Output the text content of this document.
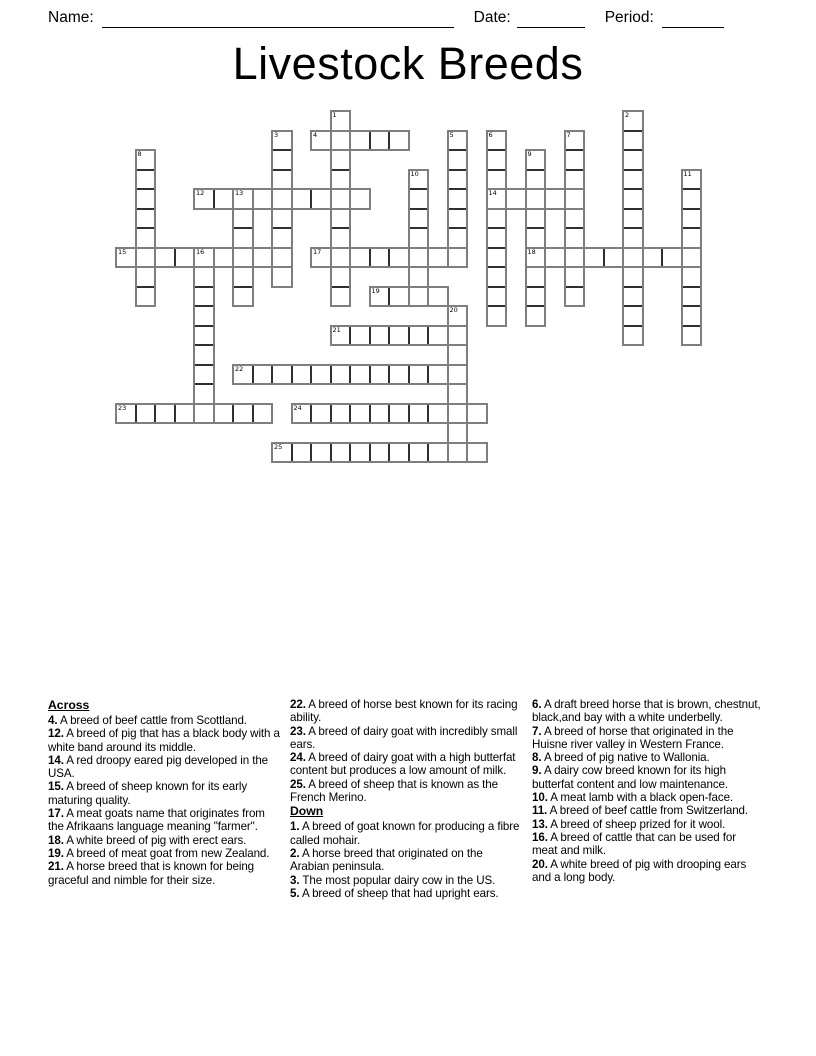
Name:	Date:	Period:
Livestock Breeds
1	2
3	4	5	6
14
7
8	9
18
10	11
12	13
15	16	17
19
20
21
22
23	24
25
Across
4. A breed of beef cattle from Scottland.
12. A breed of pig that has a black body with a white band around its middle.
14. A red droopy eared pig developed in the USA.
15. A breed of sheep known for its early maturing quality.
17. A meat goats name that originates from the Afrikaans language meaning "farmer".
18. A white breed of pig with erect ears.
19. A breed of meat goat from new Zealand.
21. A horse breed that is known for being graceful and nimble for their size.
22. A breed of horse best known for its racing ability.
23. A breed of dairy goat with incredibly small ears.
24. A breed of dairy goat with a high butterfat content but produces a low amount of milk.
25. A breed of sheep that is known as the French Merino.
Down
1. A breed of goat known for producing a fibre called mohair.
2. A horse breed that originated on the Arabian peninsula.
3. The most popular dairy cow in the US.
5. A breed of sheep that had upright ears.
6. A draft breed horse that is brown, chestnut, black,and bay with a white underbelly.
7. A breed of horse that originated in the Huisne river valley in Western France.
8. A breed of pig native to Wallonia.
9. A dairy cow breed known for its high butterfat content and low maintenance.
10. A meat lamb with a black open-face.
11. A breed of beef cattle from Switzerland.
13. A breed of sheep prized for it wool.
16. A breed of cattle that can be used for meat and milk.
20. A white breed of pig with drooping ears and a long body.
